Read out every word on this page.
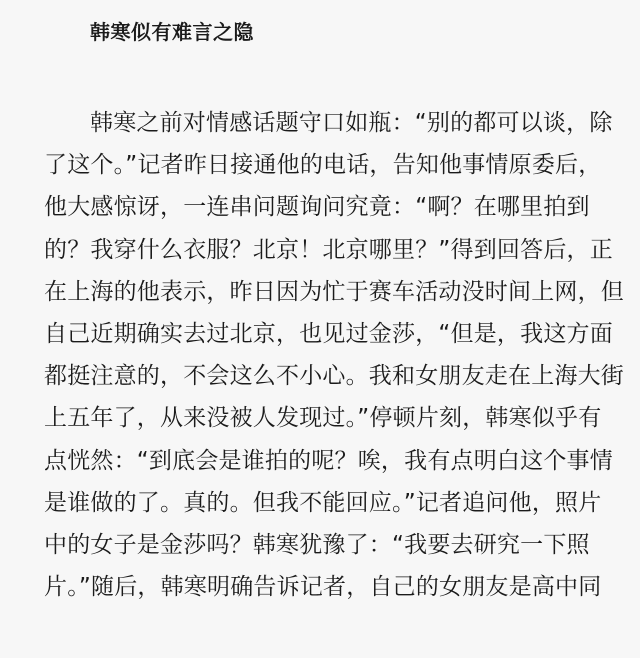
韩寒似有难言之隐
韩寒之前对情感话题守口如瓶：“别的都可以谈，除
了这个。”记者昨日接通他的电话，告知他事情原委后，
他大感惊讶，一连串问题询问究竟：“啊？在哪里拍到
的？我穿什么衣服？北京！北京哪里？”得到回答后，正
在上海的他表示，昨日因为忙于赛车活动没时间上网，但
自己近期确实去过北京，也见过金莎，“但是，我这方面
都挺注意的，不会这么不小心。我和女朋友走在上海大街
上五年了，从来没被人发现过。”停顿片刻，韩寒似乎有
点恍然：“到底会是谁拍的呢？唉，我有点明白这个事情
是谁做的了。真的。但我不能回应。”记者追问他，照片
中的女子是金莎吗？韩寒犹豫了：“我要去研究一下照
片。”随后，韩寒明确告诉记者，自己的女朋友是高中同
